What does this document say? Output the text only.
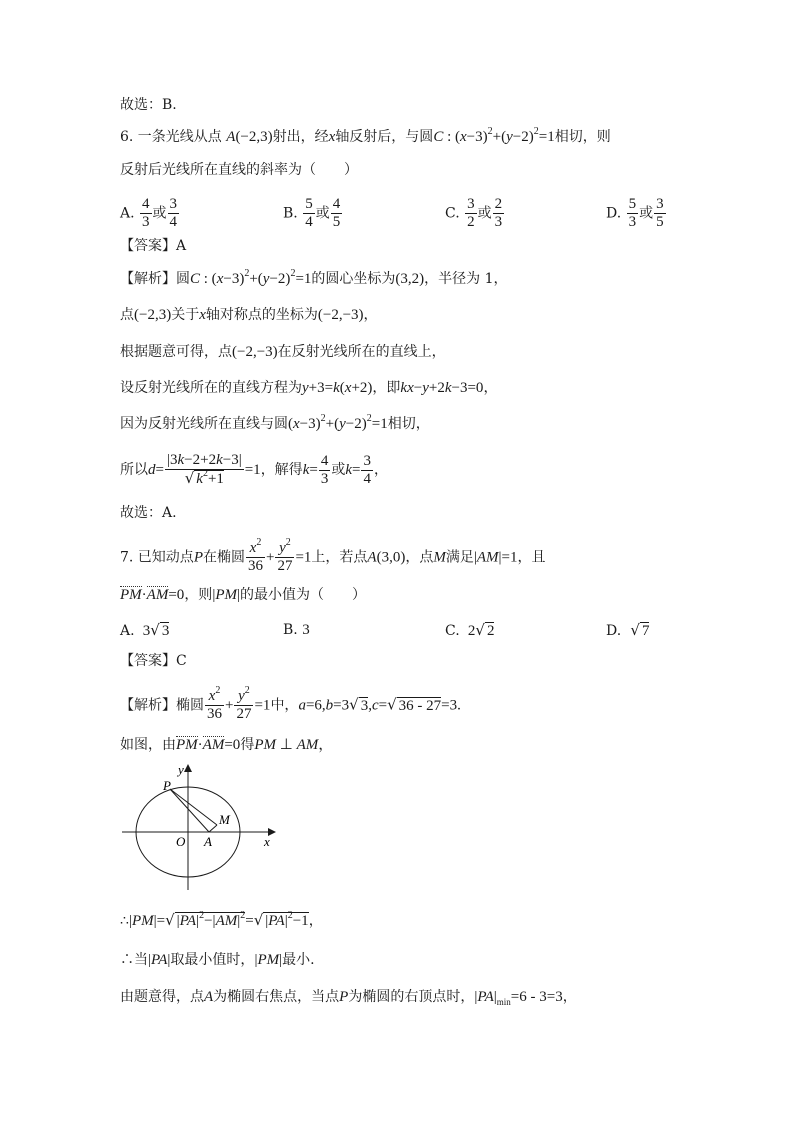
故选：B.
6. 一条光线从点 A(−2,3)射出，经x轴反射后，与圆C : $(x-3)^2+(y-2)^2=1$相切，则
反射后光线所在直线的斜率为（　　）
A. $\frac{4}{3}$ 或 $\frac{3}{4}$	B. $\frac{5}{4}$ 或 $\frac{4}{5}$	C. $\frac{3}{2}$ 或 $\frac{2}{3}$	D. $\frac{5}{3}$ 或 $\frac{3}{5}$
【答案】A
【解析】圆C : $(x-3)^2+(y-2)^2=1$的圆心坐标为(3,2)，半径为 1，
点(−2,3)关于x轴对称点的坐标为(−2,−3)，
根据题意可得，点(−2,−3)在反射光线所在的直线上，
设反射光线所在的直线方程为y+3=k(x+2)，即kx−y+2k−3=0，
因为反射光线所在直线与圆$(x-3)^2+(y-2)^2=1$相切，
所以$d= \frac{|3k-2+2k-3|}{√ k^2+1} =1$，解得$k= \frac{4}{3}$ 或$k= \frac{3}{4}$ ，
故选：A.
7. 已知动点P在椭圆 $\frac{x^2}{36} + \frac{y^2}{27} =1$上，若点A(3,0)，点M满足|AM|=1，且
PM·AM=0，则|PM|的最小值为（　　）
A.  3√ 3	B. 3	C.  2√ 2	D.  √ 7
【答案】C
【解析】椭圆 $\frac{x^2}{36} + \frac{y^2}{27} =1$中，a=6,b=3√ 3,c=√ 36 - 27=3.
如图，由PM·AM=0得PM ⊥ AM，
y
x
P
M
O A
∴|PM|=√ $|PA|^2-|AM|^2=√$ $|PA|^2-1$，
∴当|PA|取最小值时，|PM|最小.
由题意得，点A为椭圆右焦点，当点P为椭圆的右顶点时，$|PA|_{min}=6 - 3=3$，
